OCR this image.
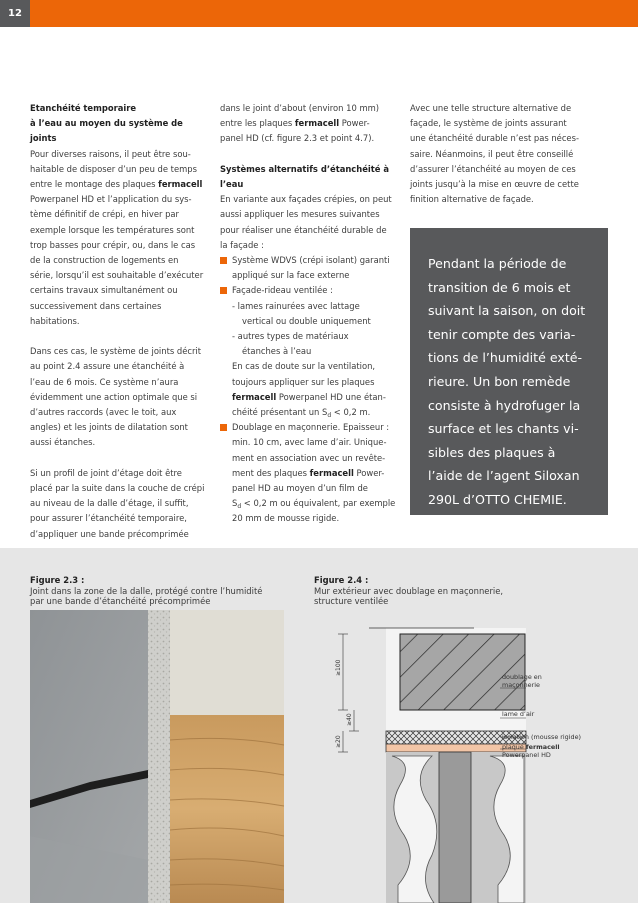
12

Etanchéité temporaire

à l’eau au moyen du système de joints

Pour diverses raisons, il peut être sou-

haitable de disposer d’un peu de temps

entre le montage des plaques fermacell

Powerpanel HD et l’application du sys-

tème définitif de crépi, en hiver par

exemple lorsque les températures sont

trop basses pour crépir, ou, dans le cas

de la construction de logements en

série, lorsqu’il est souhaitable d’exécuter

certains travaux simultanément ou

successivement dans certaines

habitations.

Dans ces cas, le système de joints décrit

au point 2.4 assure une étanchéité à

l’eau de 6 mois. Ce système n’aura

évidemment une action optimale que si

d’autres raccords (avec le toit, aux

angles) et les joints de dilatation sont

aussi étanches.

Si un profil de joint d’étage doit être

placé par la suite dans la couche de crépi

au niveau de la dalle d’étage, il suffit,

pour assurer l’étanchéité temporaire,

d’appliquer une bande précomprimée

dans le joint d’about (environ 10 mm)

entre les plaques fermacell Power-

panel HD (cf. figure 2.3 et point 4.7).

Systèmes alternatifs d’étanchéité à l’eau

En variante aux façades crépies, on peut

aussi appliquer les mesures suivantes

pour réaliser une étanchéité durable de

la façade :

Système WDVS (crépi isolant) garanti

appliqué sur la face externe

Façade-rideau ventilée :

- lames rainurées avec lattage

vertical ou double uniquement

- autres types de matériaux

étanches à l’eau

En cas de doute sur la ventilation,

toujours appliquer sur les plaques

fermacell Powerpanel HD une étan-

chéité présentant un $S_d < 0,2$ m.

Doublage en maçonnerie. Epaisseur :

min. 10 cm, avec lame d’air. Unique-

ment en association avec un revête-

ment des plaques fermacell Power-

panel HD au moyen d’un film de

$S_d < 0,2$ m ou équivalent, par exemple

20 mm de mousse rigide.

Avec une telle structure alternative de

façade, le système de joints assurant

une étanchéité durable n’est pas néces-

saire. Néanmoins, il peut être conseillé

d’assurer l’étanchéité au moyen de ces

joints jusqu’à la mise en œuvre de cette

finition alternative de façade.

Pendant la période de

transition de 6 mois et

suivant la saison, on doit

tenir compte des varia-

tions de l’humidité exté-

rieure. Un bon remède

consiste à hydrofuger la

surface et les chants vi-

sibles des plaques à

l’aide de l’agent Siloxan

290L d’OTTO CHEMIE.

Figure 2.3 :

Joint dans la zone de la dalle, protégé contre l’humidité

par une bande d’étanchéité précomprimée

Figure 2.4 :

Mur extérieur avec doublage en maçonnerie,

structure ventilée

≥100
≥40
≥20
doublage en
maçonnerie
lame d’air
isolation (mousse rigide)
plaque fermacell
Powerpanel HD
